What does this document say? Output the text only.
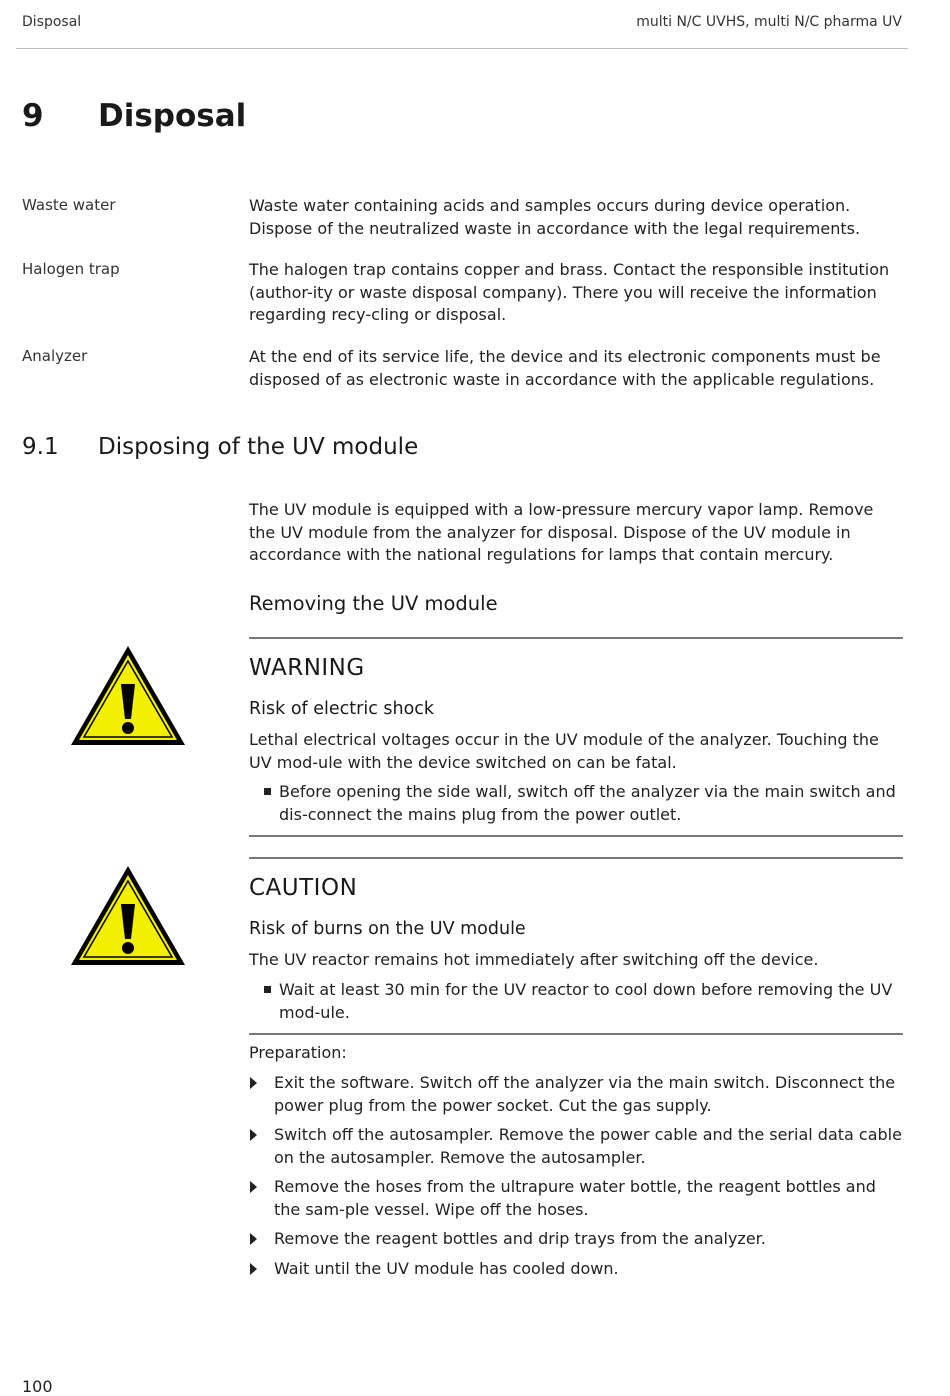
Disposal	multi N/C UVHS, multi N/C pharma UV
9 Disposal
Waste water	Waste water containing acids and samples occurs during device operation. Dispose of the neutralized waste in accordance with the legal requirements.
Halogen trap	The halogen trap contains copper and brass. Contact the responsible institution (author-ity or waste disposal company). There you will receive the information regarding recy-cling or disposal.
Analyzer	At the end of its service life, the device and its electronic components must be disposed of as electronic waste in accordance with the applicable regulations.
9.1 Disposing of the UV module
The UV module is equipped with a low-pressure mercury vapor lamp. Remove the UV module from the analyzer for disposal. Dispose of the UV module in accordance with the national regulations for lamps that contain mercury.
Removing the UV module
WARNING
Risk of electric shock
Lethal electrical voltages occur in the UV module of the analyzer. Touching the UV mod-ule with the device switched on can be fatal.
Before opening the side wall, switch off the analyzer via the main switch and dis-connect the mains plug from the power outlet.
CAUTION
Risk of burns on the UV module
The UV reactor remains hot immediately after switching off the device.
Wait at least 30 min for the UV reactor to cool down before removing the UV mod-ule.
Preparation:
Exit the software. Switch off the analyzer via the main switch. Disconnect the power plug from the power socket. Cut the gas supply.
Switch off the autosampler. Remove the power cable and the serial data cable on the autosampler. Remove the autosampler.
Remove the hoses from the ultrapure water bottle, the reagent bottles and the sam-ple vessel. Wipe off the hoses.
Remove the reagent bottles and drip trays from the analyzer.
Wait until the UV module has cooled down.
100
